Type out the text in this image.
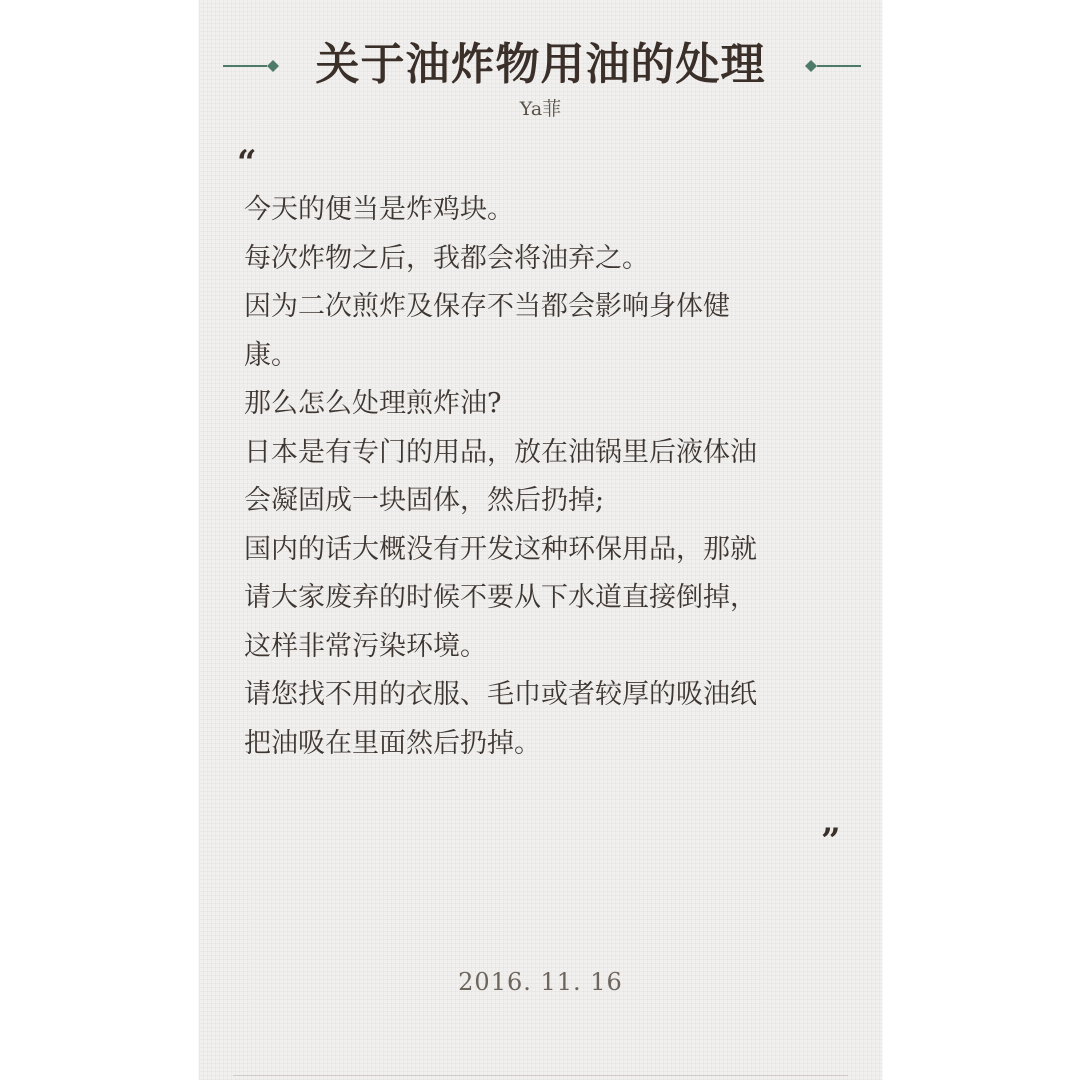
关于油炸物用油的处理
Ya菲
“
今天的便当是炸鸡块。
每次炸物之后，我都会将油弃之。
因为二次煎炸及保存不当都会影响身体健
康。
那么怎么处理煎炸油?
日本是有专门的用品，放在油锅里后液体油
会凝固成一块固体，然后扔掉;
国内的话大概没有开发这种环保用品，那就
请大家废弃的时候不要从下水道直接倒掉，
这样非常污染环境。
请您找不用的衣服、毛巾或者较厚的吸油纸
把油吸在里面然后扔掉。
”
2016. 11. 16
